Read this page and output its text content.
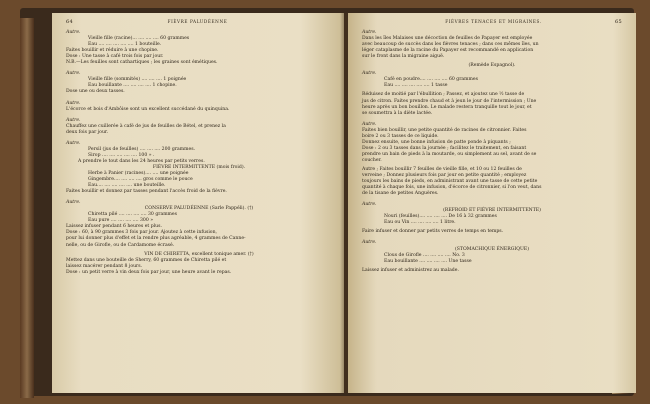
64	FIÈVRE PALUDÉENNE
Autre.
Vieille fille (racine)... .... .... .... 60 grammes
Eau .... .... .... .... .... 1 bouteille.
Faites bouillir et réduire à une chopine.
Dose : Une tasse à café trois fois par jour.
N.B.—Les feuilles sont cathartiques ; les graines sont émétiques.
Autre.
Vieille fille (sommités) .... .... .... 1 poignée
Eau bouillante .... .... .... .... 1 chopine.
Dose une ou deux tasses.
Autre.
L'écorce et bois d'Ambôise sont un excellent succédané du quinquina.
Autre.
Chauffez une cuillerée à café de jus de feuilles de Bétel, et prenez la
deux fois par jour.
Autre.
Persil (jus de feuilles) .... .... .... 200 grammes.
Sirop .... .... .... .... .... 100 » .
A prendre le tout dans les 24 heures par petits verres.
FIÈVRE INTERMITTENTE (mois froid).
Herbe à Panier (racines).... .... une poignée
Gingembre.... .... .... .... gros comme le pouce
Eau.... .... .... .... .... une bouteille.
Faites bouillir et donnez par tasses pendant l'accès froid de la fièvre.
Autre.
CONSERVE PALUDÉENNE (Sarle Pappéli). (†)
Chiretta pilé .... .... .... .... 30 grammes
Eau pure .... .... .... .... 300 »
Laissez infuser pendant 6 heures et plus.
Dose : 60, à 90 grammes 3 fois par jour. Ajoutez à cette infusion,
pour lui donner plus d'effet et la rendre plus agréable, 4 grammes de Canne-
nelle, ou de Girofle, ou de Cardamome écrasé.
VIN DE CHIRETTA, excellent tonique amer. (†)
Mettez dans une bouteille de Sherry, 60 grammes de Chiretta pilé et
laissez macérer pendant 8 jours.
Dose : un petit verre à vin deux fois par jour, une heure avant le repas.
FIÈVRES TENACES ET MIGRAINES.	65
Autre.
Dans les îles Malaises une décoction de feuilles de Papayer est employée
avec beaucoup de succès dans les fièvres tenaces ; dans ces mêmes îles, un
léger cataplasme de la racine du Papayer est recommandé en application
sur le front dans la migraine aiguë.
(Remède Espagnol).
Autre.
Café en poudre.... .... .... .... 60 grammes
Eau .... .... .... .... .... 1 tasse
Réduisez de moitié par l'ébullition ; Passez, et ajoutez une ½ tasse de
jus de citron. Faites prendre chaud et à jeun le jour de l'intermission ; Une
heure après un bon bouillon. Le malade restera tranquille tout le jour, et
se soumettra à la diète lactée.
Autre.
Faites bien bouillir, une petite quantité de racines de citronnier. Faites
boire 2 ou 3 tasses de ce liquide.
Donnez ensuite, une bonne infusion de patte ponde à piquants ;
Dose : 2 ou 3 tasses dans la journée ; facilitez le traitement, en faisant
prendre un bain de pieds à la moutarde, ou simplement au sel, avant de se
coucher.
Autre ; Faites bouillir 7 feuilles de vieille fille, et 10 ou 12 feuilles de
verveine ; Donnez plusieurs fois par jour en petite quantité ; employez
toujours les bains de pieds, en administrant avant une tasse de cette petite
quantité à chaque fois, une infusion, d'écorce de citronnier, si l'on veut, dans
de la tisane de petites Anguères.
Autre.
(REFROID ET FIÈVRE INTERMITTENTE)
Nouri (feuilles).... .... .... .... De 16 à 32 grammes
Eau ou Vin .... .... .... .... 1 litre.
Faire infuser et donner par petits verres de temps en temps.
Autre.
(STOMACHIQUE ÉNERGIQUE)
Clous de Girofle .... .... .... .... No. 3
Eau bouillante .... .... .... .... Une tasse
Laissez infuser et administrez au malade.
